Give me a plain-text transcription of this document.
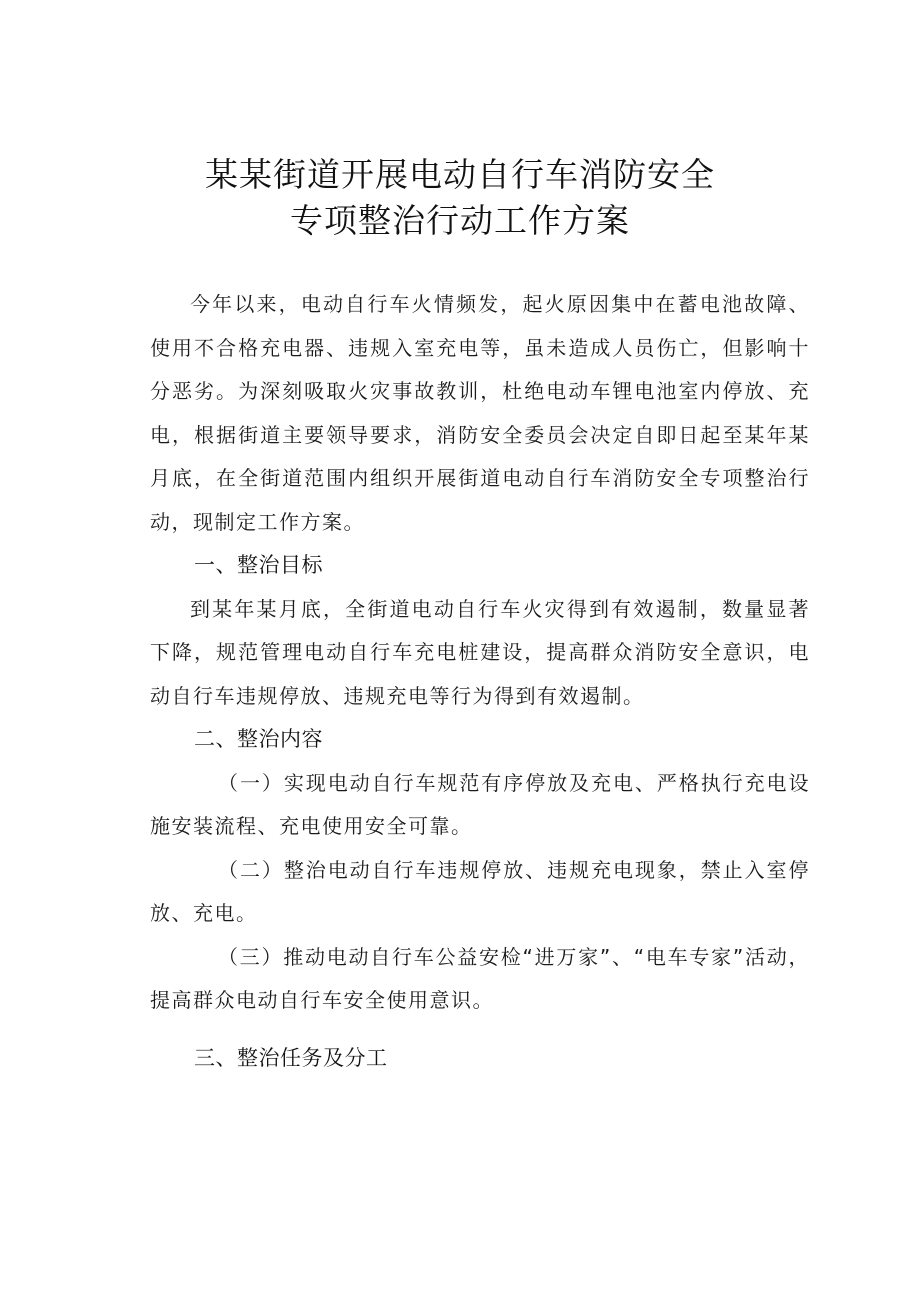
某某街道开展电动自行车消防安全
专项整治行动工作方案

今年以来，电动自行车火情频发，起火原因集中在蓄电池故障、使用不合格充电器、违规入室充电等，虽未造成人员伤亡，但影响十分恶劣。为深刻吸取火灾事故教训，杜绝电动车锂电池室内停放、充电，根据街道主要领导要求，消防安全委员会决定自即日起至某年某月底，在全街道范围内组织开展街道电动自行车消防安全专项整治行动，现制定工作方案。

一、整治目标

到某年某月底，全街道电动自行车火灾得到有效遏制，数量显著下降，规范管理电动自行车充电桩建设，提高群众消防安全意识，电动自行车违规停放、违规充电等行为得到有效遏制。

二、整治内容

（一）实现电动自行车规范有序停放及充电、严格执行充电设施安装流程、充电使用安全可靠。

（二）整治电动自行车违规停放、违规充电现象，禁止入室停放、充电。

（三）推动电动自行车公益安检“进万家”、“电车专家”活动，提高群众电动自行车安全使用意识。

三、整治任务及分工
